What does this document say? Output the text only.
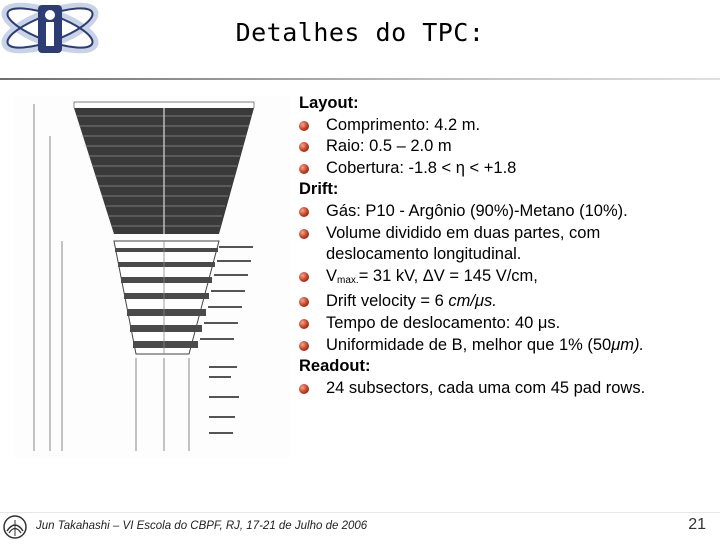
Detalhes do TPC:
Layout:
Comprimento: 4.2 m.
Raio: 0.5 – 2.0 m
Cobertura: -1.8 < η < +1.8
Drift:
Gás: P10 - Argônio (90%)-Metano (10%).
Volume dividido em duas partes, com
deslocamento longitudinal.
$V_{max.}= 31$ kV, ΔV = 145 V/cm,
Drift velocity = 6 cm/μs.
Tempo de deslocamento: 40 μs.
Uniformidade de B, melhor que 1% (50μm).
Readout:
24 subsectors, cada uma com 45 pad rows.
Jun Takahashi – VI Escola do CBPF, RJ, 17-21 de Julho de 2006	21
